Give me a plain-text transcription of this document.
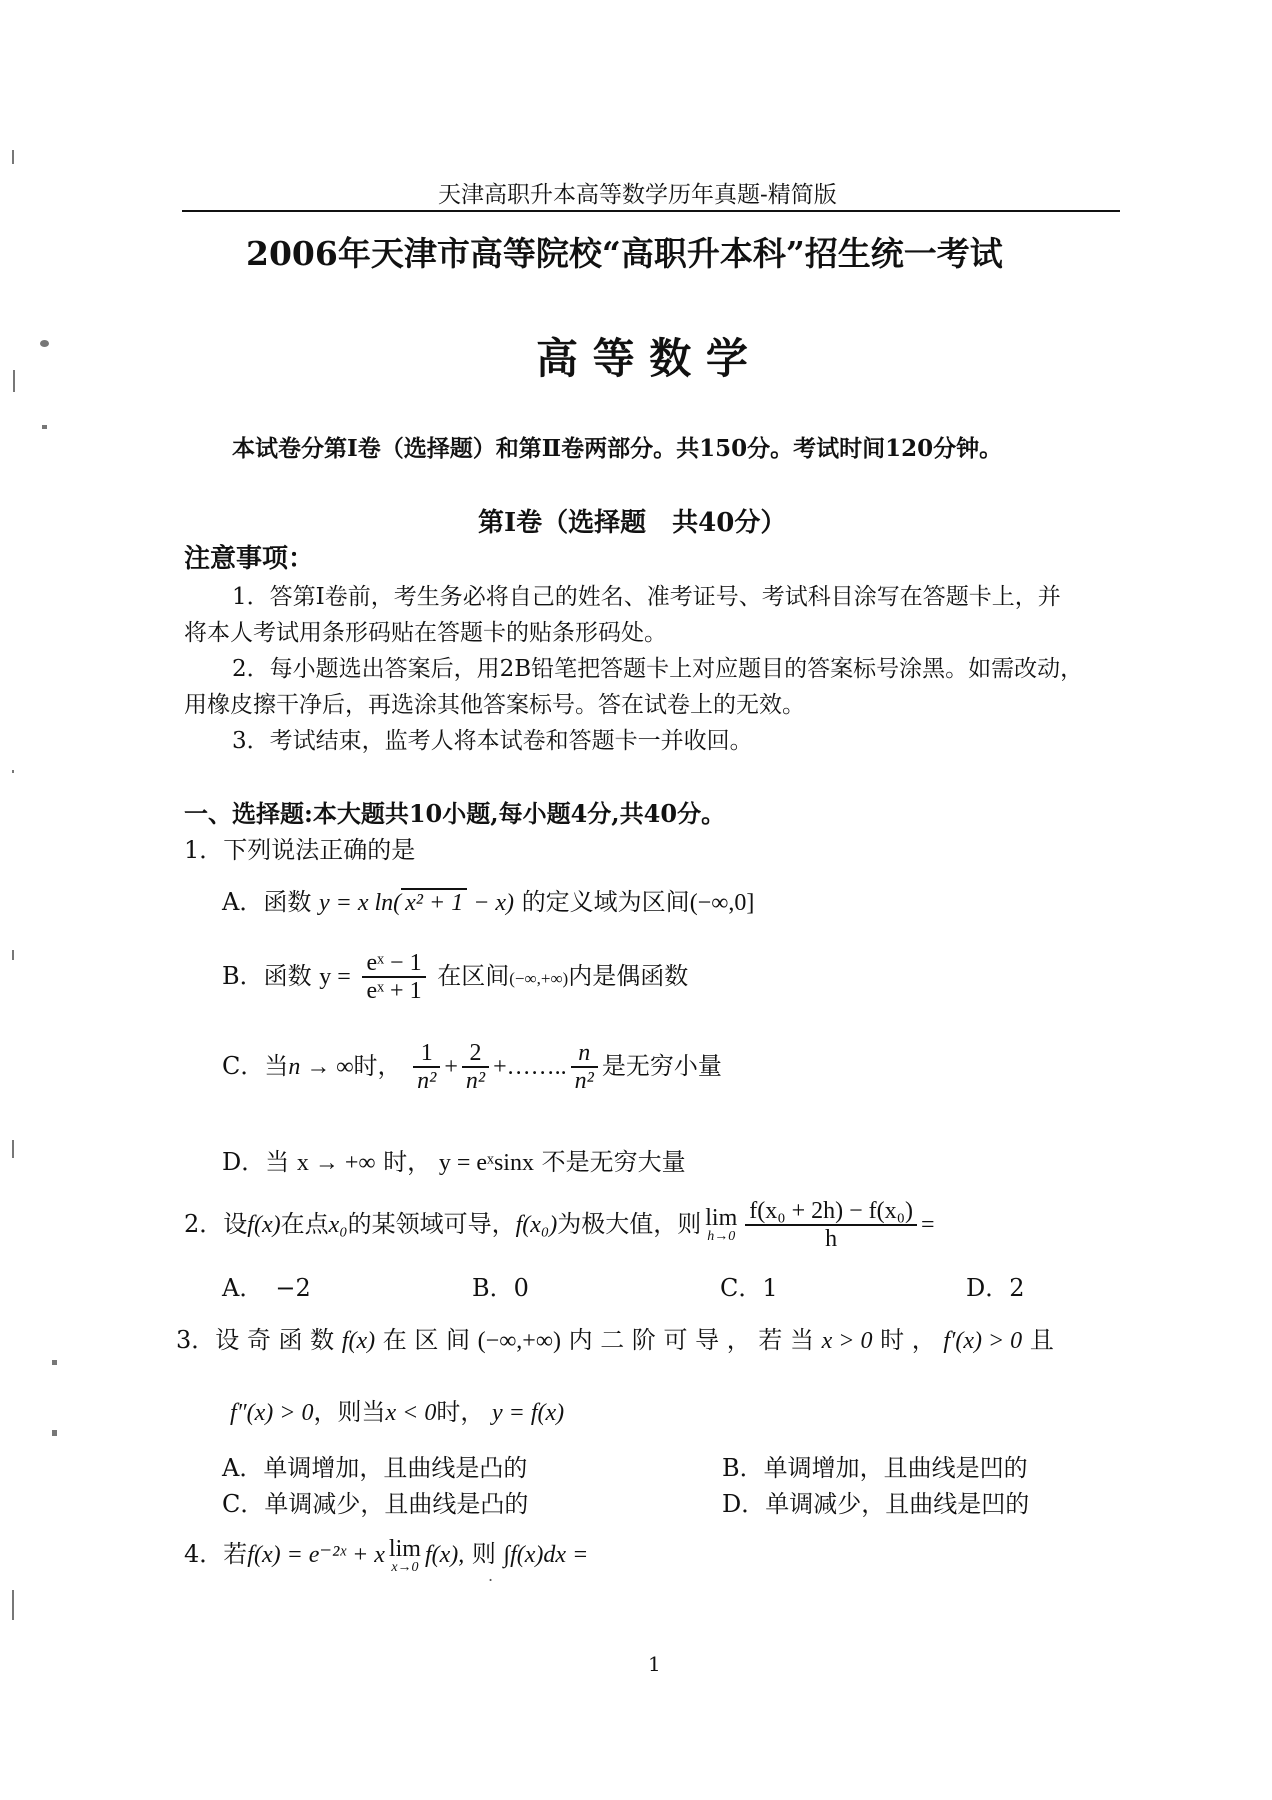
天津高职升本高等数学历年真题-精简版
2006年天津市高等院校“高职升本科”招生统一考试
高 等 数 学
本试卷分第Ⅰ卷（选择题）和第Ⅱ卷两部分。共150分。考试时间120分钟。
第Ⅰ卷（选择题　共40分）
注意事项：
1．答第Ⅰ卷前，考生务必将自己的姓名、准考证号、考试科目涂写在答题卡上，并
将本人考试用条形码贴在答题卡的贴条形码处。
2．每小题选出答案后，用2B铅笔把答题卡上对应题目的答案标号涂黑。如需改动，
用橡皮擦干净后，再选涂其他答案标号。答在试卷上的无效。
3．考试结束，监考人将本试卷和答题卡一并收回。
一、选择题:本大题共10小题,每小题4分,共40分。
1．下列说法正确的是
A．函数 y = x ln( x² + 1 − x) 的定义域为区间(−∞,0]
B．函数 $y = \frac{\text{eˣ − 1}}{\text{eˣ + 1}}$ 在区间(−∞,+∞)内是偶函数
C．当n → ∞时， $\frac{1}{\text{n²}} + \frac{2}{\text{n²}}$ +…….. $\frac{n}{\text{n²}}$ 是无穷小量
D．当 x → +∞ 时， y = eˣsinx 不是无穷大量
2．设f(x)在点x₀的某领域可导，f(x₀)为极大值，则 lim
$h\to 0 \frac{\text{f(x₀ + 2h) − f(x₀)}}{h}$ =
A．　−2	B．0	C．1	D．2
3．设 奇 函 数 f(x) 在 区 间 (−∞,+∞) 内 二 阶 可 导 ， 若 当 x > 0 时 ， f′(x) > 0 且
f″(x) > 0，则当x < 0时， y = f(x)
A．单调增加，且曲线是凸的	B．单调增加，且曲线是凹的
C．单调减少，且曲线是凸的	D．单调减少，且曲线是凹的
4．若f(x) = e⁻²ˣ + x lim
x→0 f(x), 则 ∫f(x)dx =
.
1
